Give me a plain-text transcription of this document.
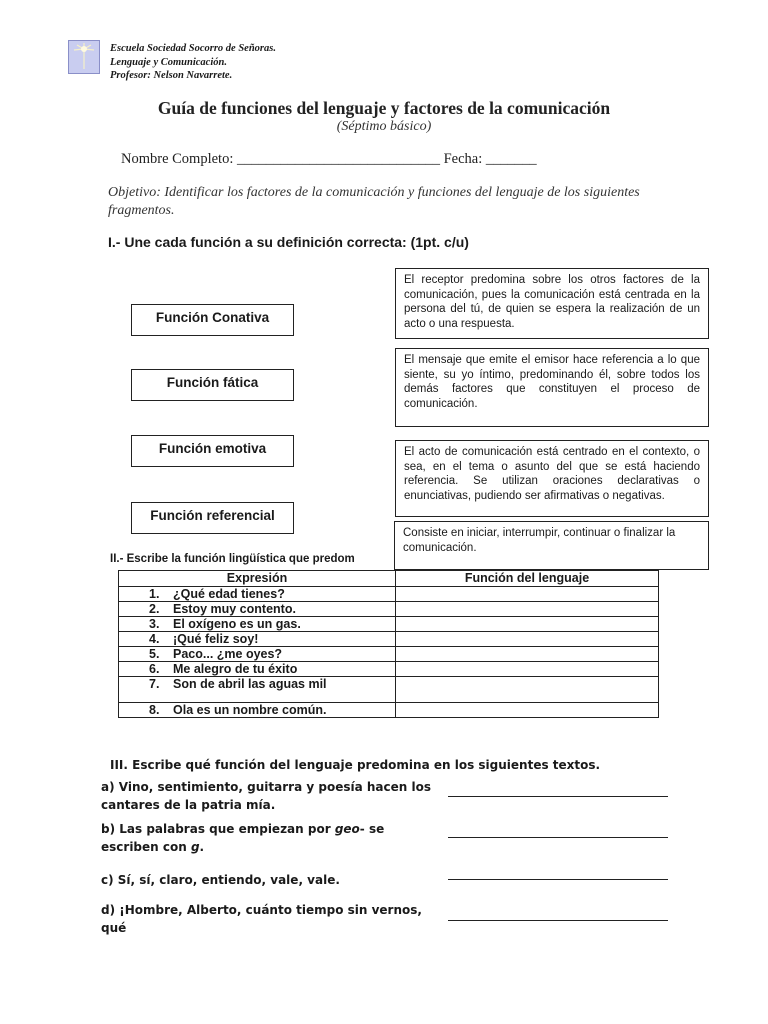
Escuela Sociedad Socorro de Señoras.
Lenguaje y Comunicación.
Profesor: Nelson Navarrete.
Guía de funciones del lenguaje y factores de la comunicación
(Séptimo básico)
Nombre Completo: ____________________________ Fecha: _______
Objetivo: Identificar los factores de la comunicación y funciones del lenguaje de los siguientes fragmentos.
I.- Une cada función a su definición correcta: (1pt. c/u)
Función Conativa
Función fática
Función emotiva
Función referencial
El receptor predomina sobre los otros factores de la comunicación, pues la comunicación está centrada en la persona del tú, de quien se espera la realización de un acto o una respuesta.
El mensaje que emite el emisor hace referencia a lo que siente, su yo íntimo, predominando él, sobre todos los demás factores que constituyen el proceso de comunicación.
El acto de comunicación está centrado en el contexto, o sea, en el tema o asunto del que se está haciendo referencia. Se utilizan oraciones declarativas o enunciativas, pudiendo ser afirmativas o negativas.
Consiste en iniciar, interrumpir, continuar o finalizar la comunicación.
II.- Escribe la función lingüística que predom
Expresión	Función del lenguaje
1. ¿Qué edad tienes?	
2. Estoy muy contento.	
3. El oxígeno es un gas.	
4. ¡Qué feliz soy!	
5. Paco... ¿me oyes?	
6. Me alegro de tu éxito	
7. Son de abril las aguas mil	
8. Ola es un nombre común.	
III. Escribe qué función del lenguaje predomina en los siguientes textos.
a) Vino, sentimiento, guitarra y poesía hacen los cantares de la patria mía.
b) Las palabras que empiezan por geo- se escriben con g.
c) Sí, sí, claro, entiendo, vale, vale.
d) ¡Hombre, Alberto, cuánto tiempo sin vernos, qué
